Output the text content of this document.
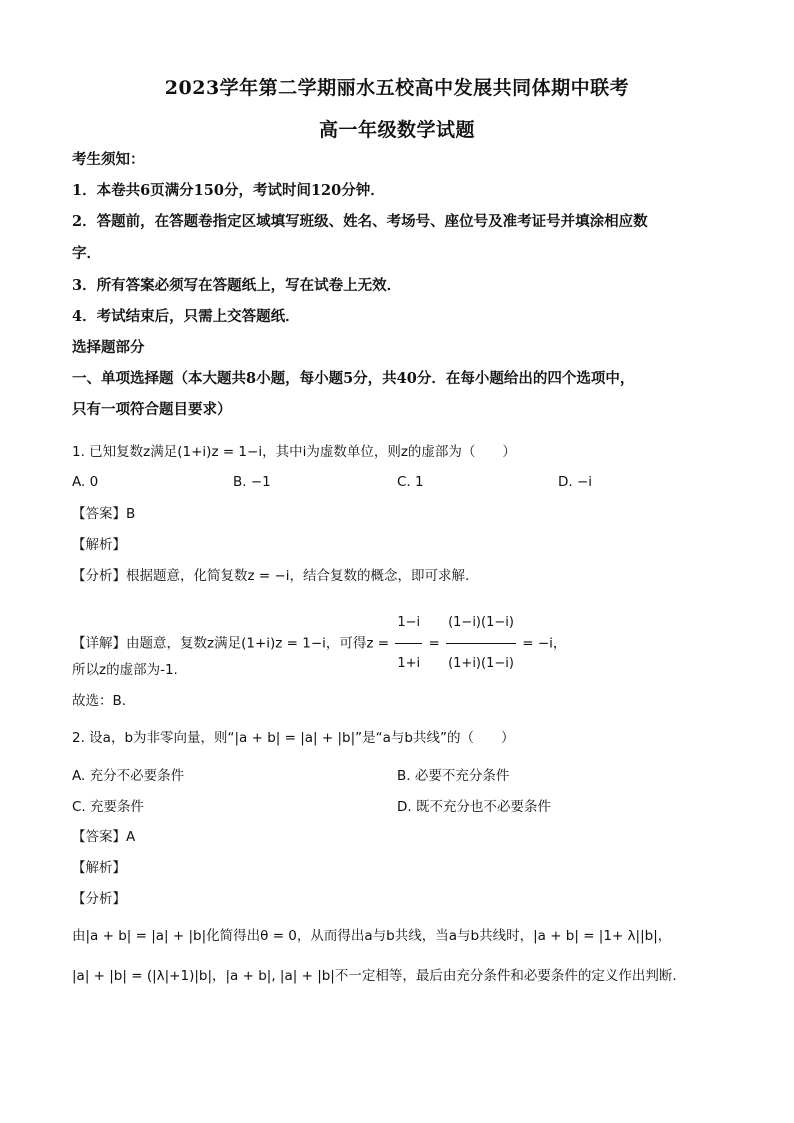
2023学年第二学期丽水五校高中发展共同体期中联考
高一年级数学试题
考生须知：
1．本卷共6页满分150分，考试时间120分钟．
2．答题前，在答题卷指定区域填写班级、姓名、考场号、座位号及准考证号并填涂相应数
字．
3．所有答案必须写在答题纸上，写在试卷上无效．
4．考试结束后，只需上交答题纸．
选择题部分
一、单项选择题（本大题共8小题，每小题5分，共40分．在每小题给出的四个选项中，
只有一项符合题目要求）
1. 已知复数z满足(1+i)z = 1−i，其中i为虚数单位，则z的虚部为（　　）
A. 0	B. −1	C. 1	D. −i
【答案】B
【解析】
【分析】根据题意，化简复数z = −i，结合复数的概念，即可求解.
【详解】由题意，复数z满足(1+i)z = 1−i，可得$z = \frac{1-i}{1+i} = \frac{(1-i)(1-i)}{(1+i)(1-i)} = -i$，
所以z的虚部为-1.
故选：B.
2. 设a，b为非零向量，则“|a + b| = |a| + |b|”是“a与b共线”的（　　）
A. 充分不必要条件	B. 必要不充分条件
C. 充要条件	D. 既不充分也不必要条件
【答案】A
【解析】
【分析】
由|a + b| = |a| + |b|化简得出θ = 0，从而得出a与b共线，当a与b共线时，|a + b| = |1+ λ||b|，
|a| + |b| = (|λ|+1)|b|，|a + b|, |a| + |b|不一定相等，最后由充分条件和必要条件的定义作出判断.
